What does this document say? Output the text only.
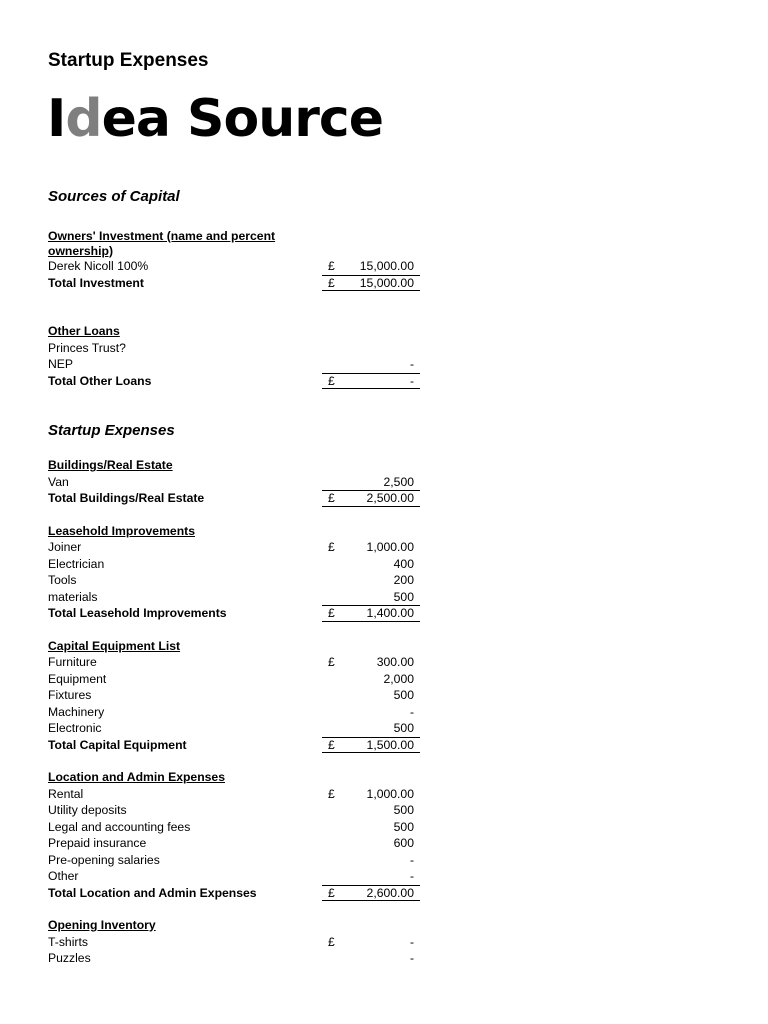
Startup Expenses
Idea Source
Sources of Capital
Owners' Investment (name and percent ownership)
Derek Nicoll 100%	£	15,000.00
Total Investment	£	15,000.00
Other Loans
Princes Trust?
NEP	-
Total Other Loans	£	-
Startup Expenses
Buildings/Real Estate
Van	2,500
Total Buildings/Real Estate	£	2,500.00
Leasehold Improvements
Joiner	£	1,000.00
Electrician	400
Tools	200
materials	500
Total Leasehold Improvements	£	1,400.00
Capital Equipment List
Furniture	£	300.00
Equipment	2,000
Fixtures	500
Machinery	-
Electronic	500
Total Capital Equipment	£	1,500.00
Location and Admin Expenses
Rental	£	1,000.00
Utility deposits	500
Legal and accounting fees	500
Prepaid insurance	600
Pre-opening salaries	-
Other	-
Total Location and Admin Expenses	£	2,600.00
Opening Inventory
T-shirts	£	-
Puzzles	-
